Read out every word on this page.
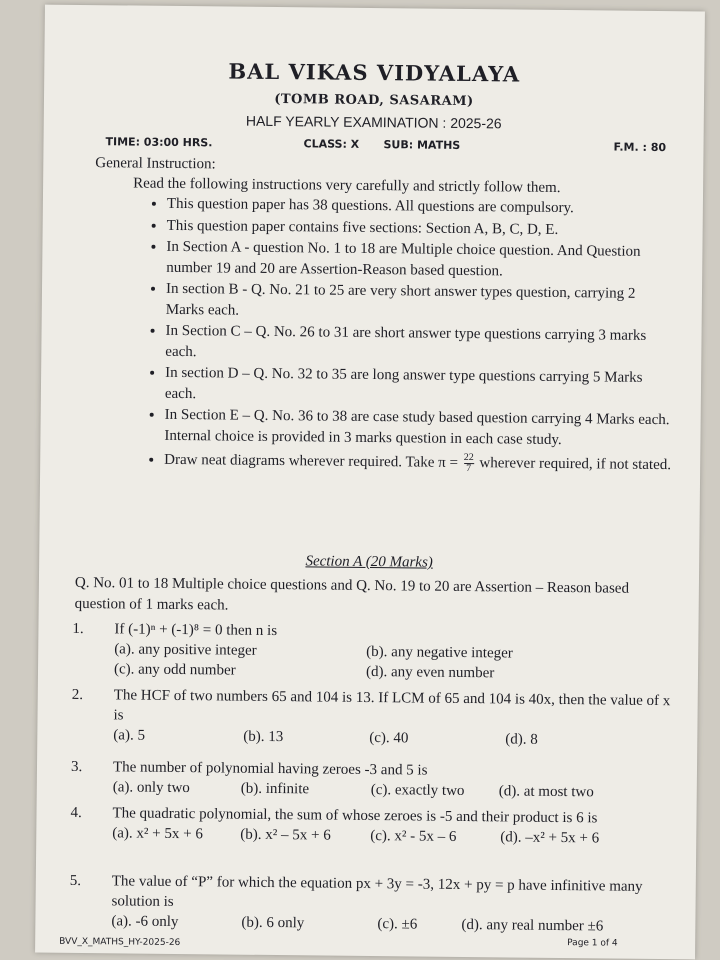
BAL VIKAS VIDYALAYA
(TOMB ROAD, SASARAM)
HALF YEARLY EXAMINATION : 2025-26
TIME: 03:00 HRS.	CLASS: X SUB: MATHS	F.M. : 80
General Instruction:
Read the following instructions very carefully and strictly follow them.
• This question paper has 38 questions. All questions are compulsory.
• This question paper contains five sections: Section A, B, C, D, E.
• In Section A - question No. 1 to 18 are Multiple choice question. And Question number 19 and 20 are Assertion-Reason based question.
• In section B - Q. No. 21 to 25 are very short answer types question, carrying 2 Marks each.
• In Section C – Q. No. 26 to 31 are short answer type questions carrying 3 marks each.
• In section D – Q. No. 32 to 35 are long answer type questions carrying 5 Marks each.
• In Section E – Q. No. 36 to 38 are case study based question carrying 4 Marks each. Internal choice is provided in 3 marks question in each case study.
• Draw neat diagrams wherever required. Take $\pi = \frac{22}{7}$ wherever required, if not stated.
Section A (20 Marks)
Q. No. 01 to 18 Multiple choice questions and Q. No. 19 to 20 are Assertion – Reason based question of 1 marks each.
1. If (-1)ⁿ + (-1)⁸ = 0 then n is
(a). any positive integer	(b). any negative integer
(c). any odd number	(d). any even number
2. The HCF of two numbers 65 and 104 is 13. If LCM of 65 and 104 is 40x, then the value of x is
(a). 5	(b). 13	(c). 40	(d). 8
3. The number of polynomial having zeroes -3 and 5 is
(a). only two	(b). infinite	(c). exactly two (d). at most two
4. The quadratic polynomial, the sum of whose zeroes is -5 and their product is 6 is
(a). x² + 5x + 6 (b). x² – 5x + 6	(c). x² - 5x – 6	(d). –x² + 5x + 6
5. The value of “P” for which the equation px + 3y = -3, 12x + py = p have infinitive many solution is
(a). -6 only	(b). 6 only	(c). ±6	(d). any real number ±6
BVV_X_MATHS_HY-2025-26	Page 1 of 4
